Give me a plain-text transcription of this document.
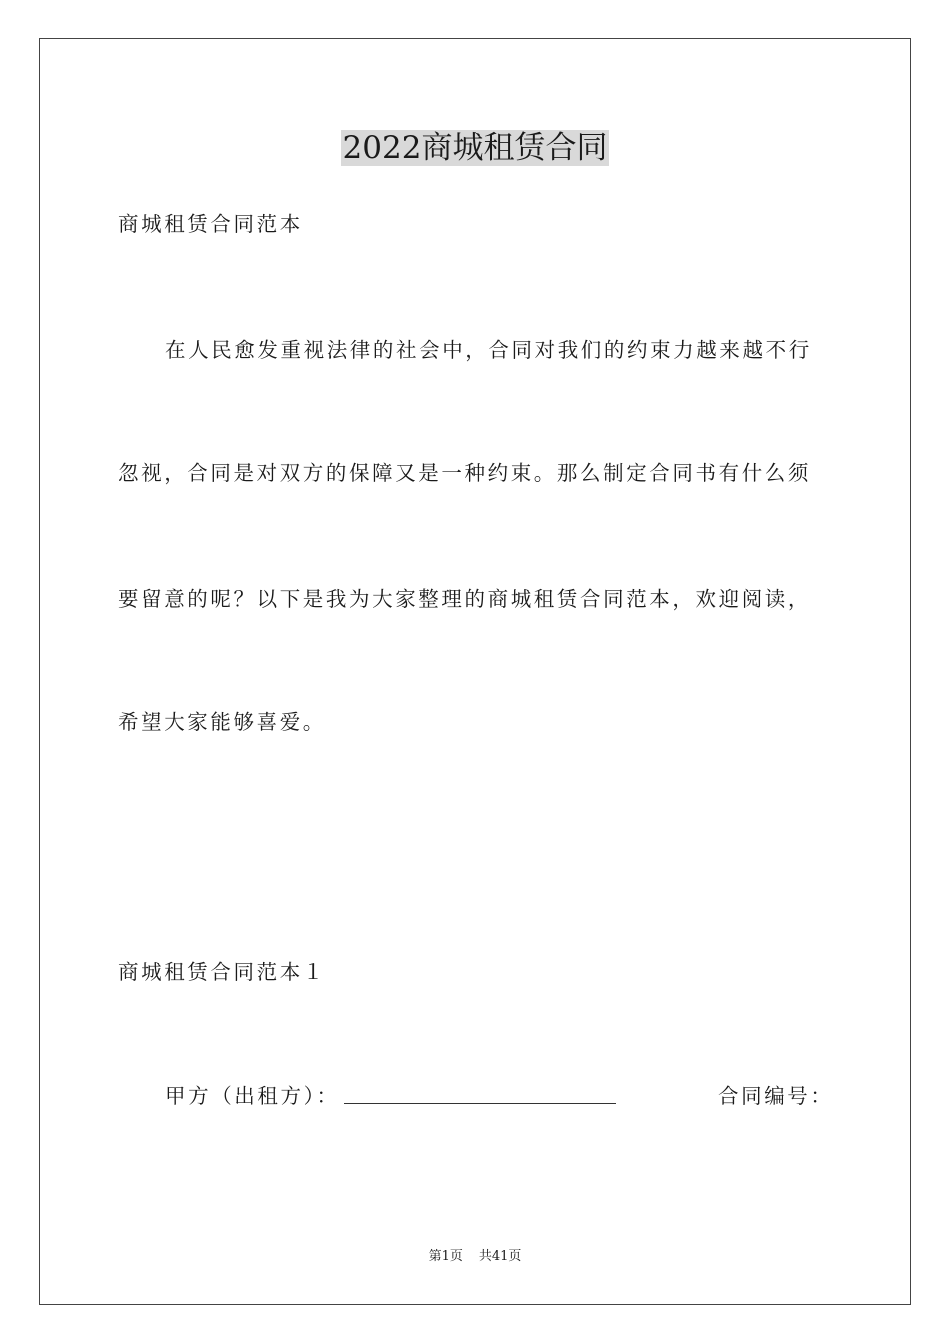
2022商城租赁合同
商城租赁合同范本
在人民愈发重视法律的社会中，合同对我们的约束力越来越不行
忽视，合同是对双方的保障又是一种约束。那么制定合同书有什么须
要留意的呢？以下是我为大家整理的商城租赁合同范本，欢迎阅读，
希望大家能够喜爱。
商城租赁合同范本１
甲方（出租方）：	合同编号：
第1页 共41页
